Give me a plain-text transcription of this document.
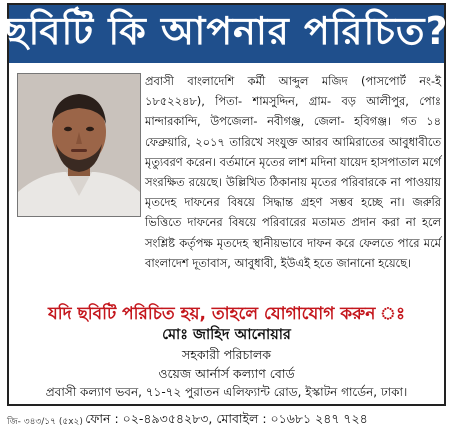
ছবিটি কি আপনার পরিচিত?
প্রবাসী বাংলাদেশি কর্মী আব্দুল মজিদ (পাসপোর্ট নং-ই ১৮৫২২৪৮), পিতা- শামসুদ্দিন, গ্রাম- বড় আলীপুর, পোঃ মান্দারকান্দি, উপজেলা- নবীগঞ্জ, জেলা- হবিগঞ্জ। গত ১৪ ফেব্রুয়ারি, ২০১৭ তারিখে সংযুক্ত আরব আমিরাতের আবুধাবীতে মৃত্যুবরণ করেন। বর্তমানে মৃতের লাশ মদিনা যায়েদ হাসপাতাল মর্গে সংরক্ষিত রয়েছে। উল্লিখিত ঠিকানায় মৃতের পরিবারকে না পাওয়ায় মৃতদেহ দাফনের বিষয়ে সিদ্ধান্ত গ্রহণ সম্ভব হচ্ছে না। জরুরি ভিত্তিতে দাফনের বিষয়ে পরিবারের মতামত প্রদান করা না হলে সংশ্লিষ্ট কর্তৃপক্ষ মৃতদেহ স্থানীয়ভাবে দাফন করে ফেলতে পারে মর্মে বাংলাদেশ দূতাবাস, আবুধাবী, ইউএই হতে জানানো হয়েছে।
যদি ছবিটি পরিচিত হয়, তাহলে যোগাযোগ করুন ঃ
মোঃ জাহিদ আনোয়ার
সহকারী পরিচালক
ওয়েজ আর্নার্স কল্যাণ বোর্ড
প্রবাসী কল্যাণ ভবন, ৭১-৭২ পুরাতন এলিফ্যান্ট রোড, ইস্কাটন গার্ডেন, ঢাকা।
জি- ৩৪৩/১৭ (৫x২) ফোন : ০২-৪৯৩৫৪২৮৩, মোবাইল : ০১৬৮১ ২৪৭ ৭২৪
